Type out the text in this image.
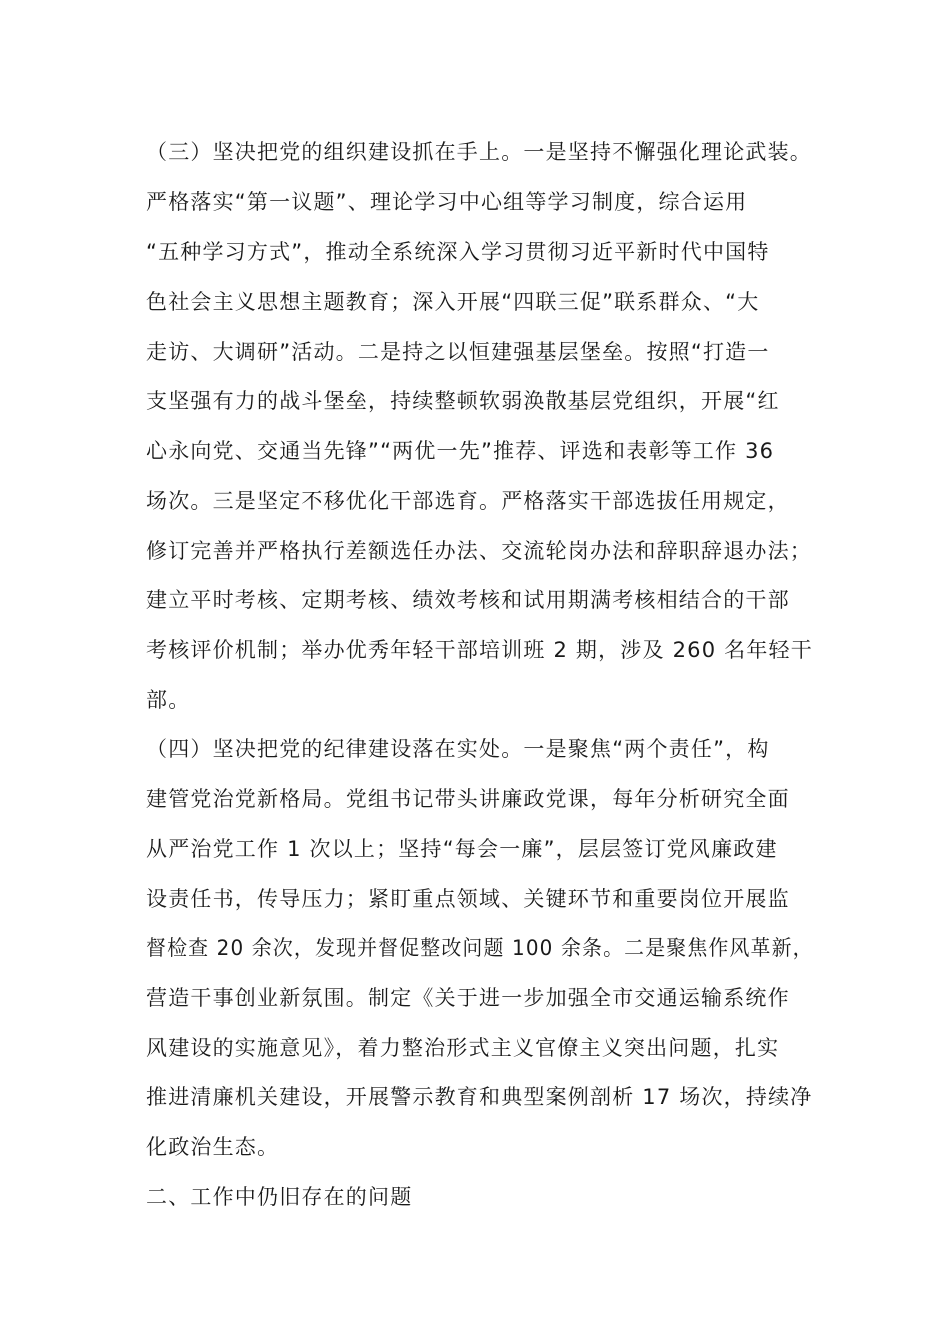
（三）坚决把党的组织建设抓在手上。一是坚持不懈强化理论武装。
严格落实“第一议题”、理论学习中心组等学习制度，综合运用
“五种学习方式”，推动全系统深入学习贯彻习近平新时代中国特
色社会主义思想主题教育；深入开展“四联三促”联系群众、“大
走访、大调研”活动。二是持之以恒建强基层堡垒。按照“打造一
支坚强有力的战斗堡垒，持续整顿软弱涣散基层党组织，开展“红
心永向党、交通当先锋”“两优一先”推荐、评选和表彰等工作 36
场次。三是坚定不移优化干部选育。严格落实干部选拔任用规定，
修订完善并严格执行差额选任办法、交流轮岗办法和辞职辞退办法；
建立平时考核、定期考核、绩效考核和试用期满考核相结合的干部
考核评价机制；举办优秀年轻干部培训班 2 期，涉及 260 名年轻干
部。
（四）坚决把党的纪律建设落在实处。一是聚焦“两个责任”，构
建管党治党新格局。党组书记带头讲廉政党课，每年分析研究全面
从严治党工作 1 次以上；坚持“每会一廉”，层层签订党风廉政建
设责任书，传导压力；紧盯重点领域、关键环节和重要岗位开展监
督检查 20 余次，发现并督促整改问题 100 余条。二是聚焦作风革新，
营造干事创业新氛围。制定《关于进一步加强全市交通运输系统作
风建设的实施意见》，着力整治形式主义官僚主义突出问题，扎实
推进清廉机关建设，开展警示教育和典型案例剖析 17 场次，持续净
化政治生态。
二、工作中仍旧存在的问题
